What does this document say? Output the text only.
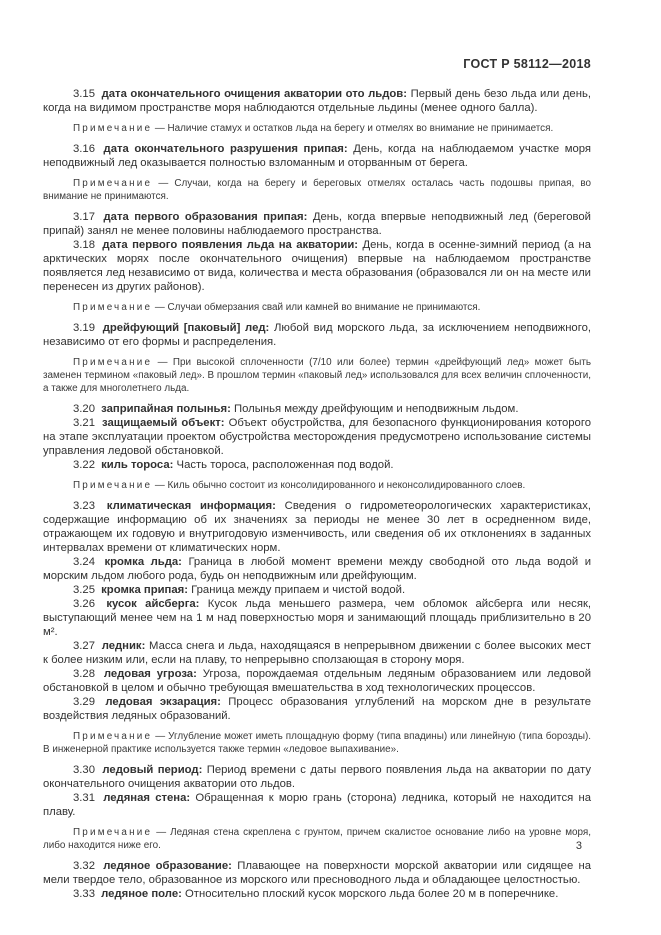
ГОСТ Р 58112—2018

3.15 дата окончательного очищения акватории ото льдов: Первый день безо льда или день, когда на видимом пространстве моря наблюдаются отдельные льдины (менее одного балла).

Примечание — Наличие стамух и остатков льда на берегу и отмелях во внимание не принимается.

3.16 дата окончательного разрушения припая: День, когда на наблюдаемом участке моря неподвижный лед оказывается полностью взломанным и оторванным от берега.

Примечание — Случаи, когда на берегу и береговых отмелях осталась часть подошвы припая, во внимание не принимаются.

3.17 дата первого образования припая: День, когда впервые неподвижный лед (береговой припай) занял не менее половины наблюдаемого пространства.

3.18 дата первого появления льда на акватории: День, когда в осенне-зимний период (а на арктических морях после окончательного очищения) впервые на наблюдаемом пространстве появляется лед независимо от вида, количества и места образования (образовался ли он на месте или перенесен из других районов).

Примечание — Случаи обмерзания свай или камней во внимание не принимаются.

3.19 дрейфующий [паковый] лед: Любой вид морского льда, за исключением неподвижного, независимо от его формы и распределения.

Примечание — При высокой сплоченности (7/10 или более) термин «дрейфующий лед» может быть заменен термином «паковый лед». В прошлом термин «паковый лед» использовался для всех величин сплоченности, а также для многолетнего льда.

3.20 заприпайная полынья: Полынья между дрейфующим и неподвижным льдом.

3.21 защищаемый объект: Объект обустройства, для безопасного функционирования которого на этапе эксплуатации проектом обустройства месторождения предусмотрено использование системы управления ледовой обстановкой.

3.22 киль тороса: Часть тороса, расположенная под водой.

Примечание — Киль обычно состоит из консолидированного и неконсолидированного слоев.

3.23 климатическая информация: Сведения о гидрометеорологических характеристиках, содержащие информацию об их значениях за периоды не менее 30 лет в осредненном виде, отражающем их годовую и внутригодовую изменчивость, или сведения об их отклонениях в заданных интервалах времени от климатических норм.

3.24 кромка льда: Граница в любой момент времени между свободной ото льда водой и морским льдом любого рода, будь он неподвижным или дрейфующим.

3.25 кромка припая: Граница между припаем и чистой водой.

3.26 кусок айсберга: Кусок льда меньшего размера, чем обломок айсберга или несяк, выступающий менее чем на 1 м над поверхностью моря и занимающий площадь приблизительно в 20 м².

3.27 ледник: Масса снега и льда, находящаяся в непрерывном движении с более высоких мест к более низким или, если на плаву, то непрерывно сползающая в сторону моря.

3.28 ледовая угроза: Угроза, порождаемая отдельным ледяным образованием или ледовой обстановкой в целом и обычно требующая вмешательства в ход технологических процессов.

3.29 ледовая экзарация: Процесс образования углублений на морском дне в результате воздействия ледяных образований.

Примечание — Углубление может иметь площадную форму (типа впадины) или линейную (типа борозды). В инженерной практике используется также термин «ледовое выпахивание».

3.30 ледовый период: Период времени с даты первого появления льда на акватории по дату окончательного очищения акватории ото льдов.

3.31 ледяная стена: Обращенная к морю грань (сторона) ледника, который не находится на плаву.

Примечание — Ледяная стена скреплена с грунтом, причем скалистое основание либо на уровне моря, либо находится ниже его.

3.32 ледяное образование: Плавающее на поверхности морской акватории или сидящее на мели твердое тело, образованное из морского или пресноводного льда и обладающее целостностью.

3.33 ледяное поле: Относительно плоский кусок морского льда более 20 м в поперечнике.

3
